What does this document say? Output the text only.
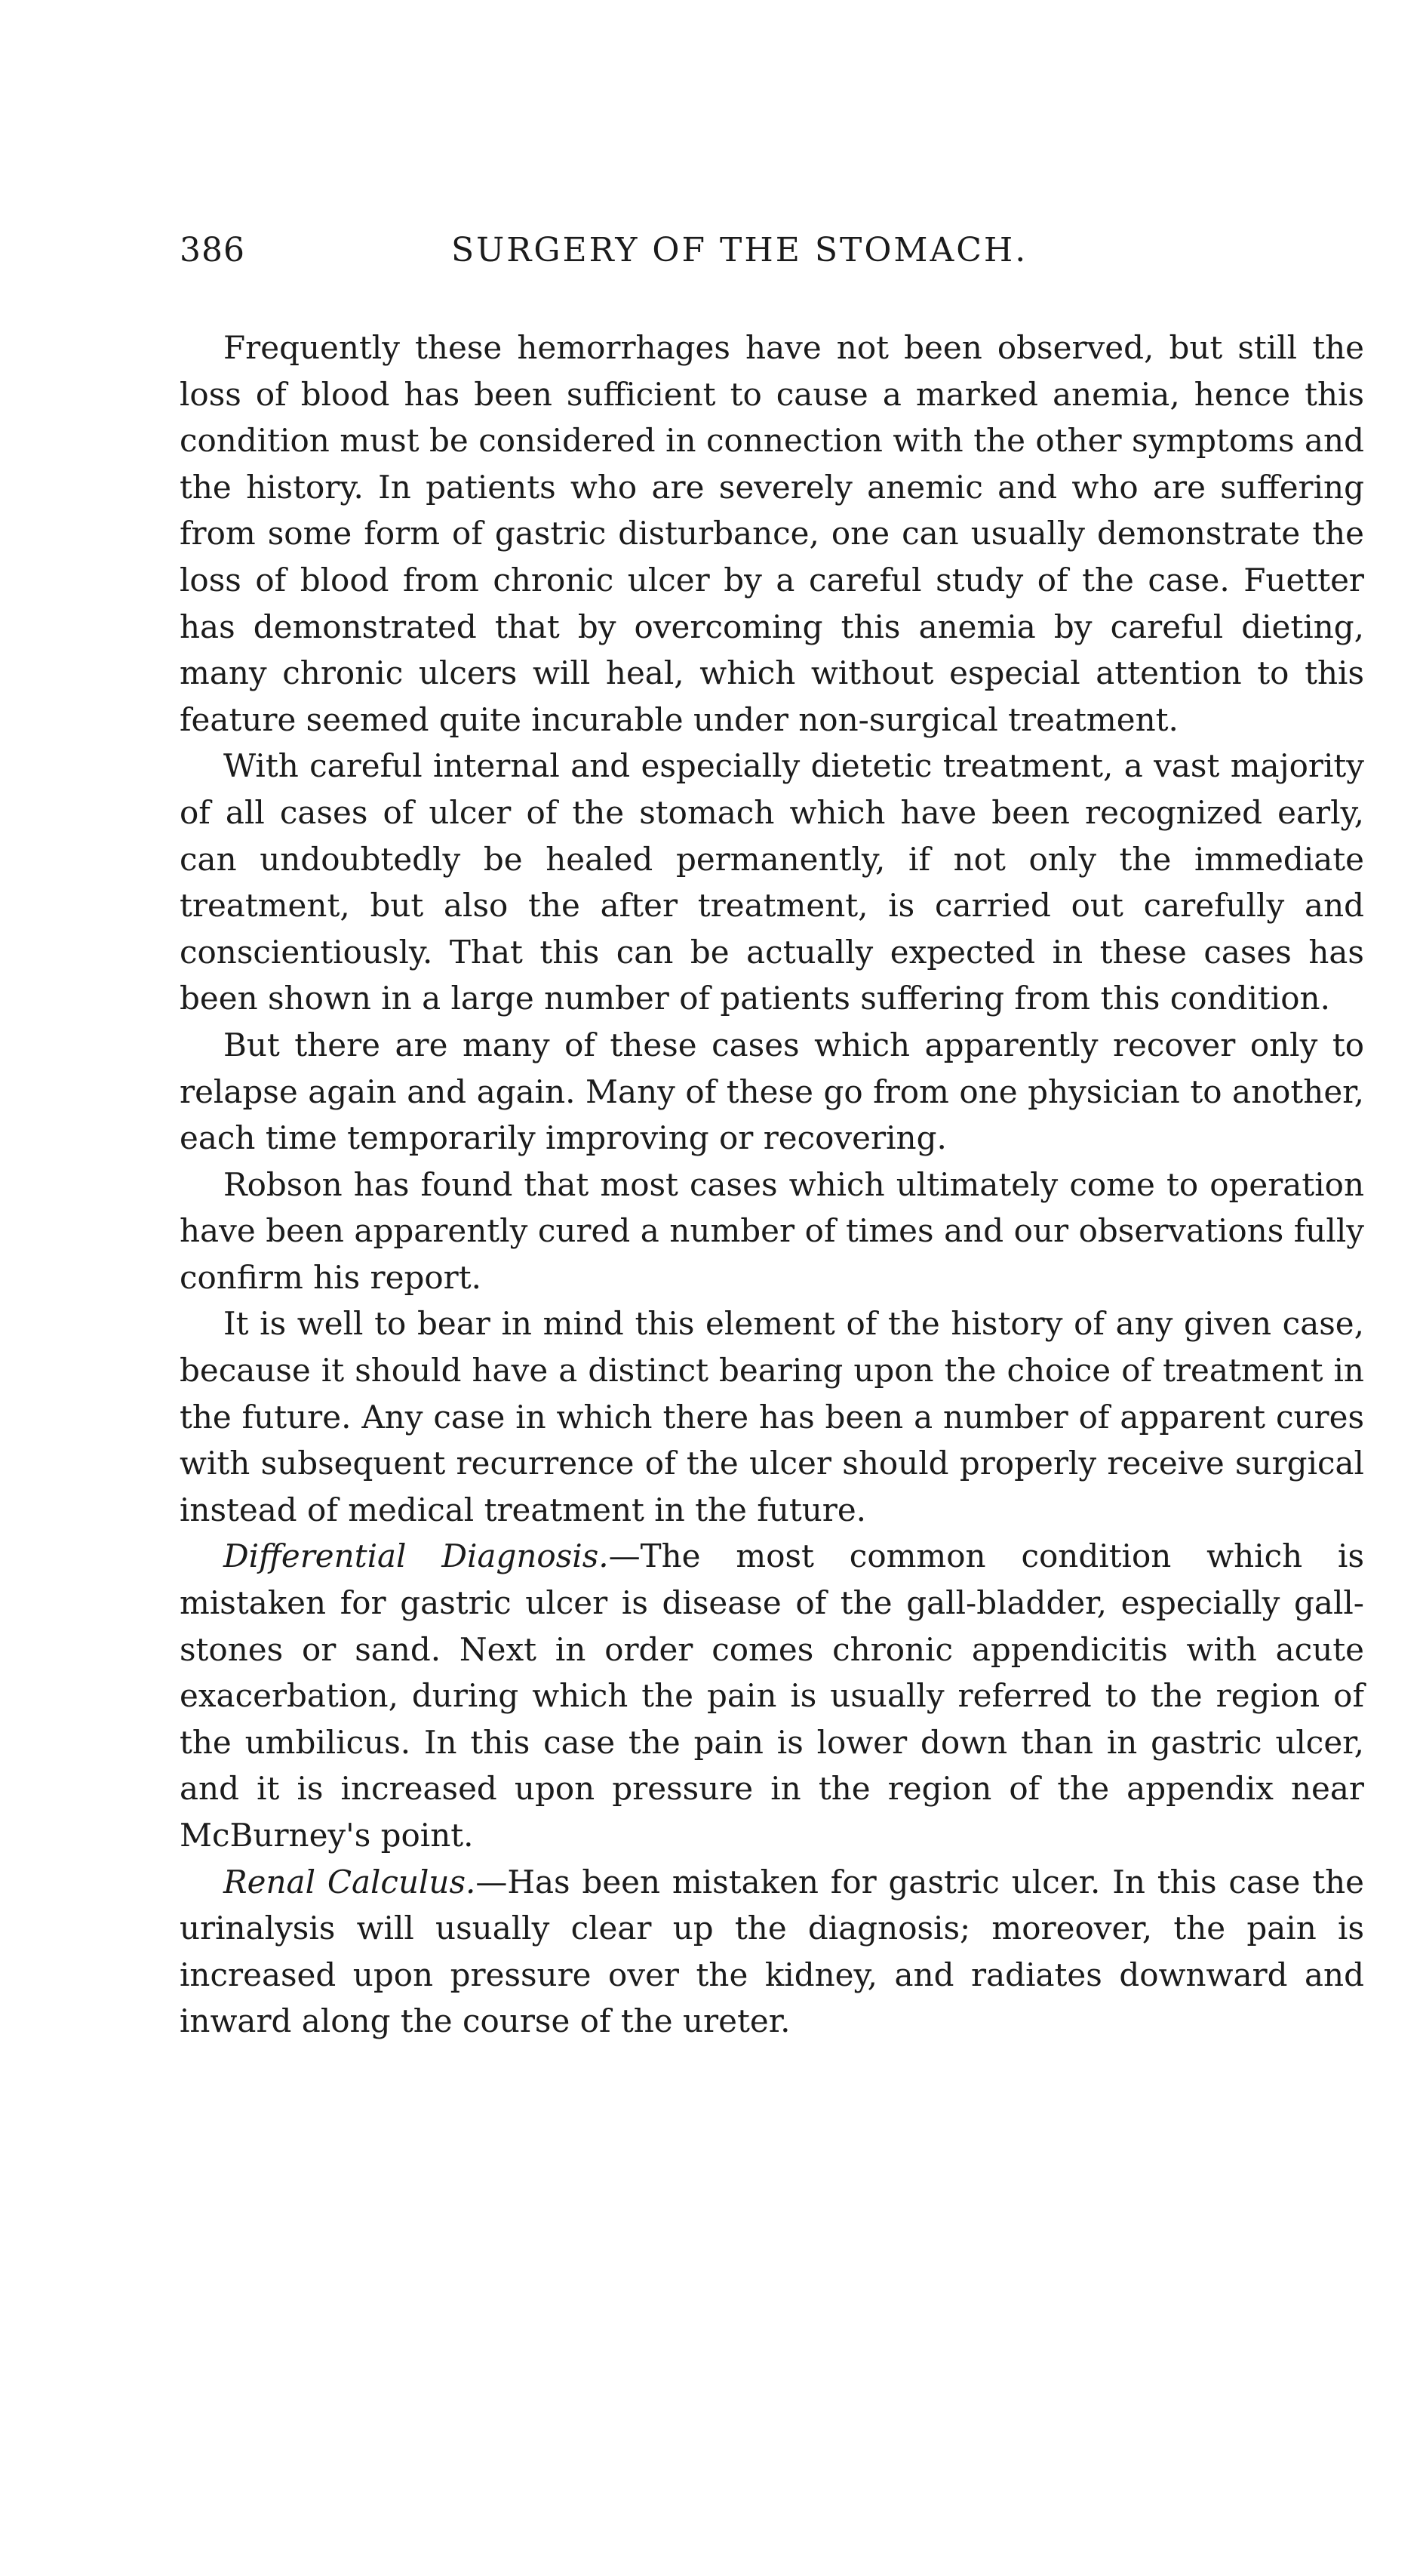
386	SURGERY OF THE STOMACH.

Frequently these hemorrhages have not been observed, but still the loss of blood has been sufficient to cause a marked anemia, hence this condition must be considered in connection with the other symptoms and the history. In patients who are severely anemic and who are suffering from some form of gastric disturbance, one can usually demonstrate the loss of blood from chronic ulcer by a careful study of the case. Fuetter has demonstrated that by overcoming this anemia by careful dieting, many chronic ulcers will heal, which without especial attention to this feature seemed quite incurable under non-surgical treatment.

With careful internal and especially dietetic treatment, a vast majority of all cases of ulcer of the stomach which have been recognized early, can undoubtedly be healed permanently, if not only the immediate treatment, but also the after treatment, is carried out carefully and conscientiously. That this can be actually expected in these cases has been shown in a large number of patients suffering from this condition.

But there are many of these cases which apparently recover only to relapse again and again. Many of these go from one physician to another, each time temporarily improving or recovering.

Robson has found that most cases which ultimately come to operation have been apparently cured a number of times and our observations fully confirm his report.

It is well to bear in mind this element of the history of any given case, because it should have a distinct bearing upon the choice of treatment in the future. Any case in which there has been a number of apparent cures with subsequent recurrence of the ulcer should properly receive surgical instead of medical treatment in the future.

Differential Diagnosis.—The most common condition which is mistaken for gastric ulcer is disease of the gall-bladder, especially gall-stones or sand. Next in order comes chronic appendicitis with acute exacerbation, during which the pain is usually referred to the region of the umbilicus. In this case the pain is lower down than in gastric ulcer, and it is increased upon pressure in the region of the appendix near McBurney's point.

Renal Calculus.—Has been mistaken for gastric ulcer. In this case the urinalysis will usually clear up the diagnosis; moreover, the pain is increased upon pressure over the kidney, and radiates downward and inward along the course of the ureter.
